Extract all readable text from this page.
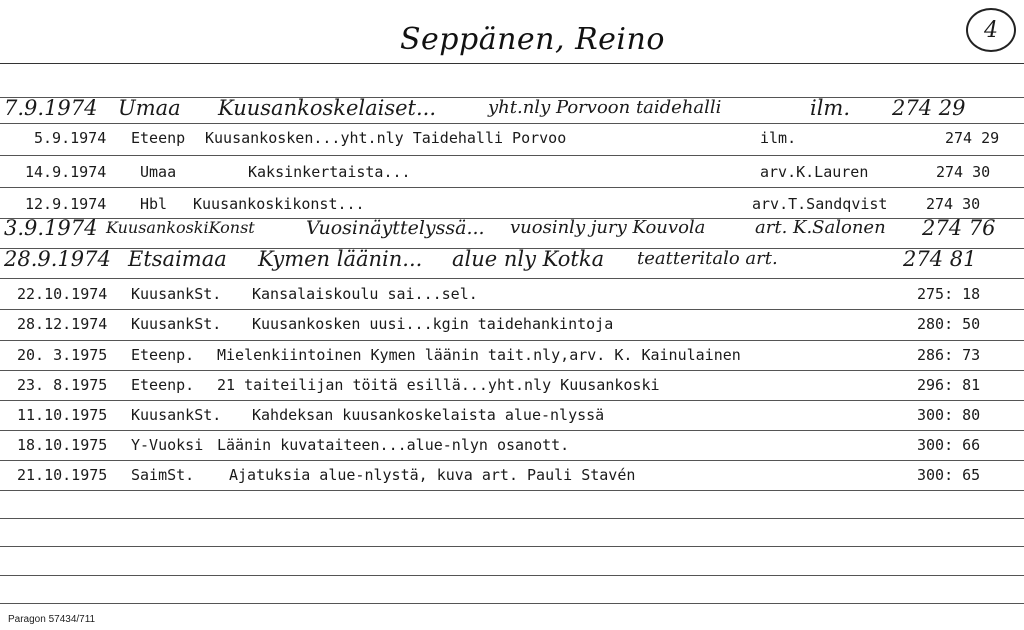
Seppänen, Reino	4
7.9.1974 Umaa Kuusankoskelaiset...	yht.nly Porvoon taidehalli	ilm. 274 29
5.9.1974 Eteenp Kuusankosken...yht.nly Taidehalli Porvoo	ilm.	274 29
14.9.1974 Umaa	Kaksinkertaista...	arv.K.Lauren	274 30
12.9.1974 Hbl Kuusankoskikonst...	arv.T.Sandqvist	274 30
3.9.1974 KuusankoskiKonst	Vuosinäyttelyssä... vuosinly jury Kouvola	art. K.Salonen 274 76
28.9.1974 Etsaimaa Kymen läänin... alue nly Kotka teatteritalo art.	274 81
22.10.1974 KuusankSt. Kansalaiskoulu sai...sel.	275: 18
28.12.1974 KuusankSt. Kuusankosken uusi...kgin taidehankintoja	280: 50
20. 3.1975 Eteenp. Mielenkiintoinen Kymen läänin tait.nly,arv. K. Kainulainen	286: 73
23. 8.1975 Eteenp. 21 taiteilijan töitä esillä...yht.nly Kuusankoski	296: 81
11.10.1975 KuusankSt. Kahdeksan kuusankoskelaista alue-nlyssä	300: 80
18.10.1975 Y-Vuoksi Läänin kuvataiteen...alue-nlyn osanott.	300: 66
21.10.1975 SaimSt. Ajatuksia alue-nlystä, kuva art. Pauli Stavén	300: 65
Paragon 57434/711
